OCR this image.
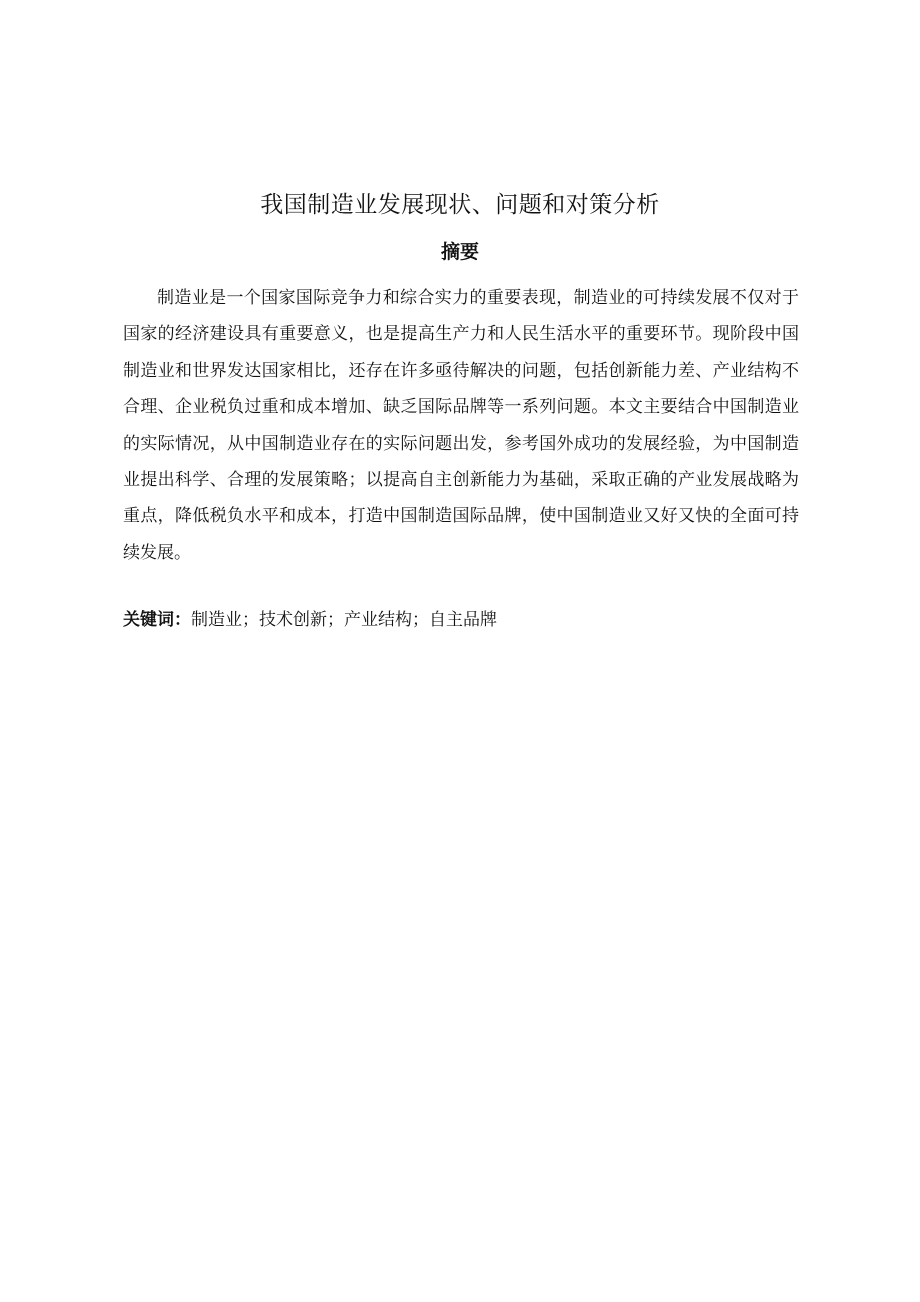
我国制造业发展现状、问题和对策分析
摘要

制造业是一个国家国际竞争力和综合实力的重要表现，制造业的可持续发展不仅对于国家的经济建设具有重要意义，也是提高生产力和人民生活水平的重要环节。现阶段中国制造业和世界发达国家相比，还存在许多亟待解决的问题，包括创新能力差、产业结构不合理、企业税负过重和成本增加、缺乏国际品牌等一系列问题。本文主要结合中国制造业的实际情况，从中国制造业存在的实际问题出发，参考国外成功的发展经验，为中国制造业提出科学、合理的发展策略；以提高自主创新能力为基础，采取正确的产业发展战略为重点，降低税负水平和成本，打造中国制造国际品牌，使中国制造业又好又快的全面可持续发展。

关键词：制造业；技术创新；产业结构；自主品牌
